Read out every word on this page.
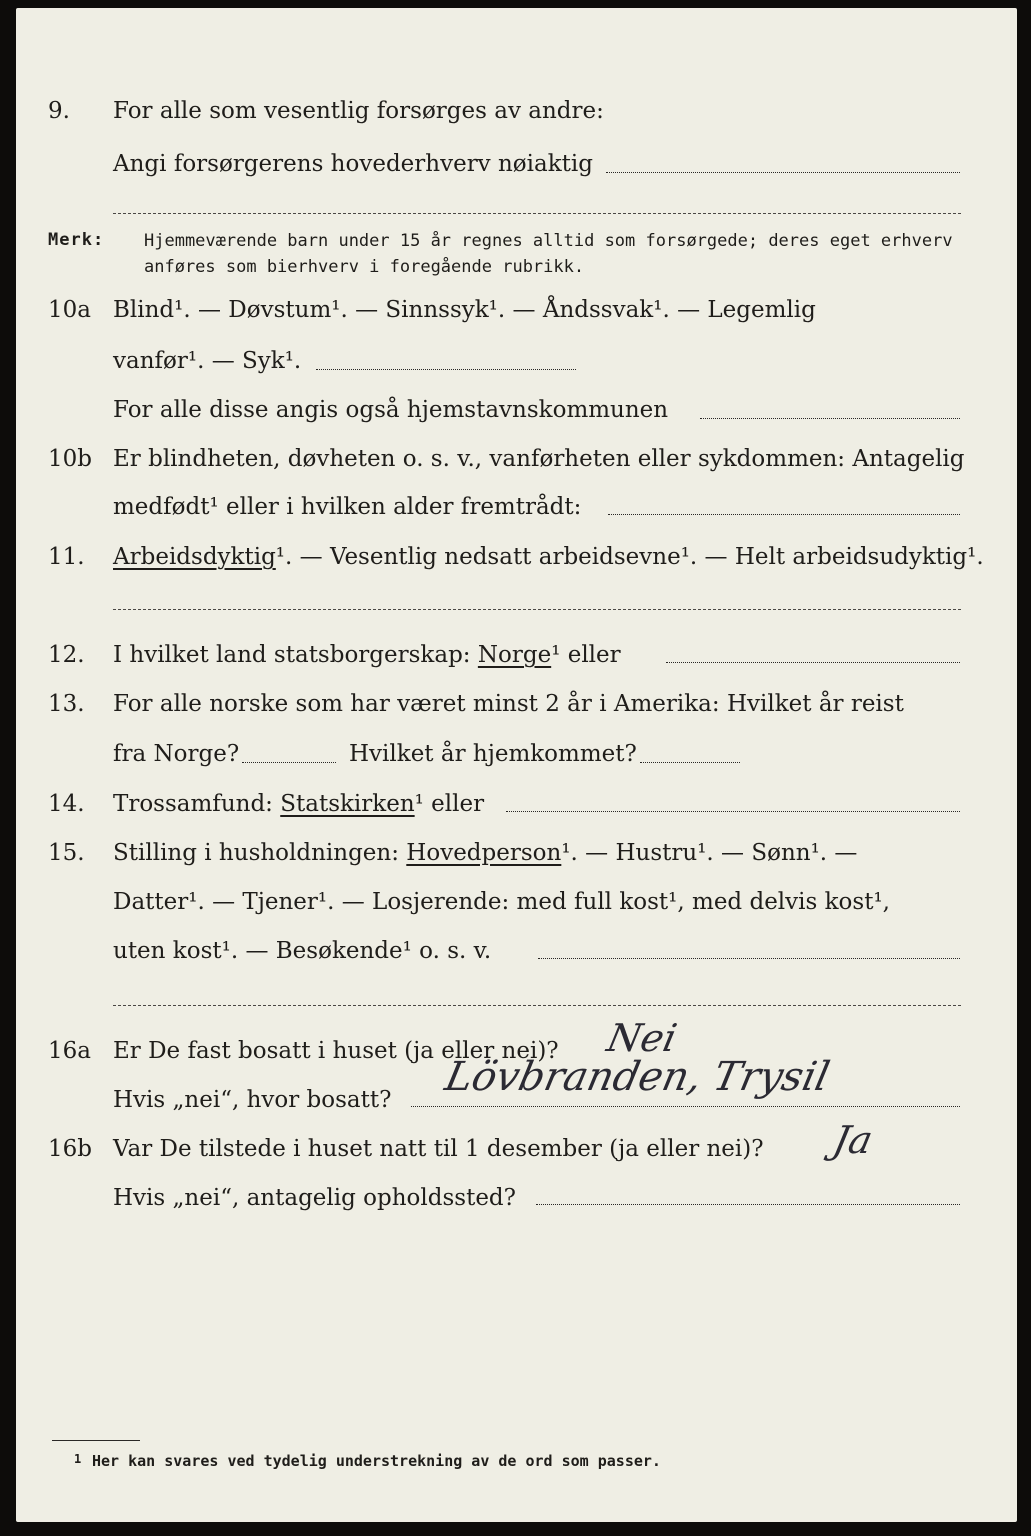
9. For alle som vesentlig forsørges av andre:
Angi forsørgerens hovederhverv nøiaktig
Merk: Hjemmeværende barn under 15 år regnes alltid som forsørgede; deres eget erhverv
anføres som bierhverv i foregående rubrikk.
10a Blind¹. — Døvstum¹. — Sinnssyk¹. — Åndssvak¹. — Legemlig
vanfør¹. — Syk¹.
For alle disse angis også hjemstavnskommunen
10b Er blindheten, døvheten o. s. v., vanførheten eller sykdommen: Antagelig
medfødt¹ eller i hvilken alder fremtrådt:
11. Arbeidsdyktig¹. — Vesentlig nedsatt arbeidsevne¹. — Helt arbeidsudyktig¹.
12. I hvilket land statsborgerskap: Norge¹ eller
13. For alle norske som har været minst 2 år i Amerika: Hvilket år reist
fra Norge?	Hvilket år hjemkommet?
14. Trossamfund: Statskirken¹ eller
15. Stilling i husholdningen: Hovedperson¹. — Hustru¹. — Sønn¹. —
Datter¹. — Tjener¹. — Losjerende: med full kost¹, med delvis kost¹,
uten kost¹. — Besøkende¹ o. s. v.
16a Er De fast bosatt i huset (ja eller nei)? Nei
Hvis „nei“, hvor bosatt? Lövbranden, Trysil
16b Var De tilstede i huset natt til 1 desember (ja eller nei)? Ja
Hvis „nei“, antagelig opholdssted?
1 Her kan svares ved tydelig understrekning av de ord som passer.
